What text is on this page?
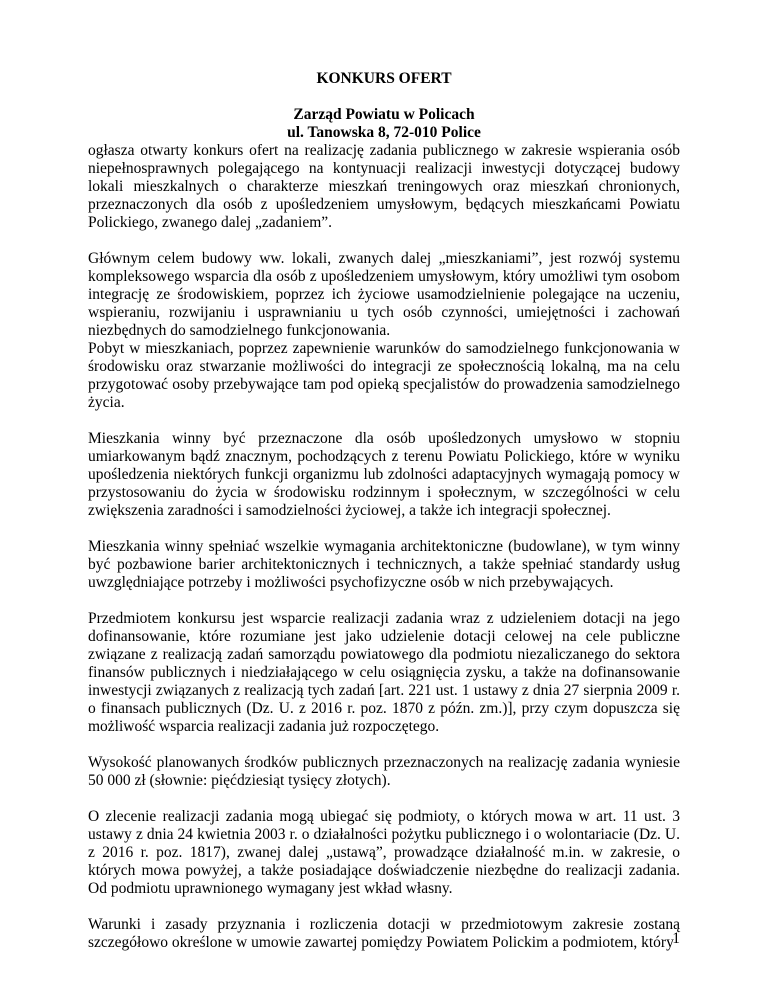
KONKURS OFERT

Zarząd Powiatu w Policach

ul. Tanowska 8, 72-010 Police

ogłasza otwarty konkurs ofert na realizację zadania publicznego w zakresie wspierania osób niepełnosprawnych polegającego na kontynuacji realizacji inwestycji dotyczącej budowy lokali mieszkalnych o charakterze mieszkań treningowych oraz mieszkań chronionych, przeznaczonych dla osób z upośledzeniem umysłowym, będących mieszkańcami Powiatu Polickiego, zwanego dalej „zadaniem”.

Głównym celem budowy ww. lokali, zwanych dalej „mieszkaniami”, jest rozwój systemu kompleksowego wsparcia dla osób z upośledzeniem umysłowym, który umożliwi tym osobom integrację ze środowiskiem, poprzez ich życiowe usamodzielnienie polegające na uczeniu, wspieraniu, rozwijaniu i usprawnianiu u tych osób czynności, umiejętności i zachowań niezbędnych do samodzielnego funkcjonowania.

Pobyt w mieszkaniach, poprzez zapewnienie warunków do samodzielnego funkcjonowania w środowisku oraz stwarzanie możliwości do integracji ze społecznością lokalną, ma na celu przygotować osoby przebywające tam pod opieką specjalistów do prowadzenia samodzielnego życia.

Mieszkania winny być przeznaczone dla osób upośledzonych umysłowo w stopniu umiarkowanym bądź znacznym, pochodzących z terenu Powiatu Polickiego, które w wyniku upośledzenia niektórych funkcji organizmu lub zdolności adaptacyjnych wymagają pomocy w przystosowaniu do życia w środowisku rodzinnym i społecznym, w szczególności w celu zwiększenia zaradności i samodzielności życiowej, a także ich integracji społecznej.

Mieszkania winny spełniać wszelkie wymagania architektoniczne (budowlane), w tym winny być pozbawione barier architektonicznych i technicznych, a także spełniać standardy usług uwzględniające potrzeby i możliwości psychofizyczne osób w nich przebywających.

Przedmiotem konkursu jest wsparcie realizacji zadania wraz z udzieleniem dotacji na jego dofinansowanie, które rozumiane jest jako udzielenie dotacji celowej na cele publiczne związane z realizacją zadań samorządu powiatowego dla podmiotu niezaliczanego do sektora finansów publicznych i niedziałającego w celu osiągnięcia zysku, a także na dofinansowanie inwestycji związanych z realizacją tych zadań [art. 221 ust. 1 ustawy z dnia 27 sierpnia 2009 r. o finansach publicznych (Dz. U. z 2016 r. poz. 1870 z późn. zm.)], przy czym dopuszcza się możliwość wsparcia realizacji zadania już rozpoczętego.

Wysokość planowanych środków publicznych przeznaczonych na realizację zadania wyniesie 50 000 zł (słownie: pięćdziesiąt tysięcy złotych).

O zlecenie realizacji zadania mogą ubiegać się podmioty, o których mowa w art. 11 ust. 3 ustawy z dnia 24 kwietnia 2003 r. o działalności pożytku publicznego i o wolontariacie (Dz. U. z 2016 r. poz. 1817), zwanej dalej „ustawą”, prowadzące działalność m.in. w zakresie, o których mowa powyżej, a także posiadające doświadczenie niezbędne do realizacji zadania. Od podmiotu uprawnionego wymagany jest wkład własny.

Warunki i zasady przyznania i rozliczenia dotacji w przedmiotowym zakresie zostaną szczegółowo określone w umowie zawartej pomiędzy Powiatem Polickim a podmiotem, który

1
